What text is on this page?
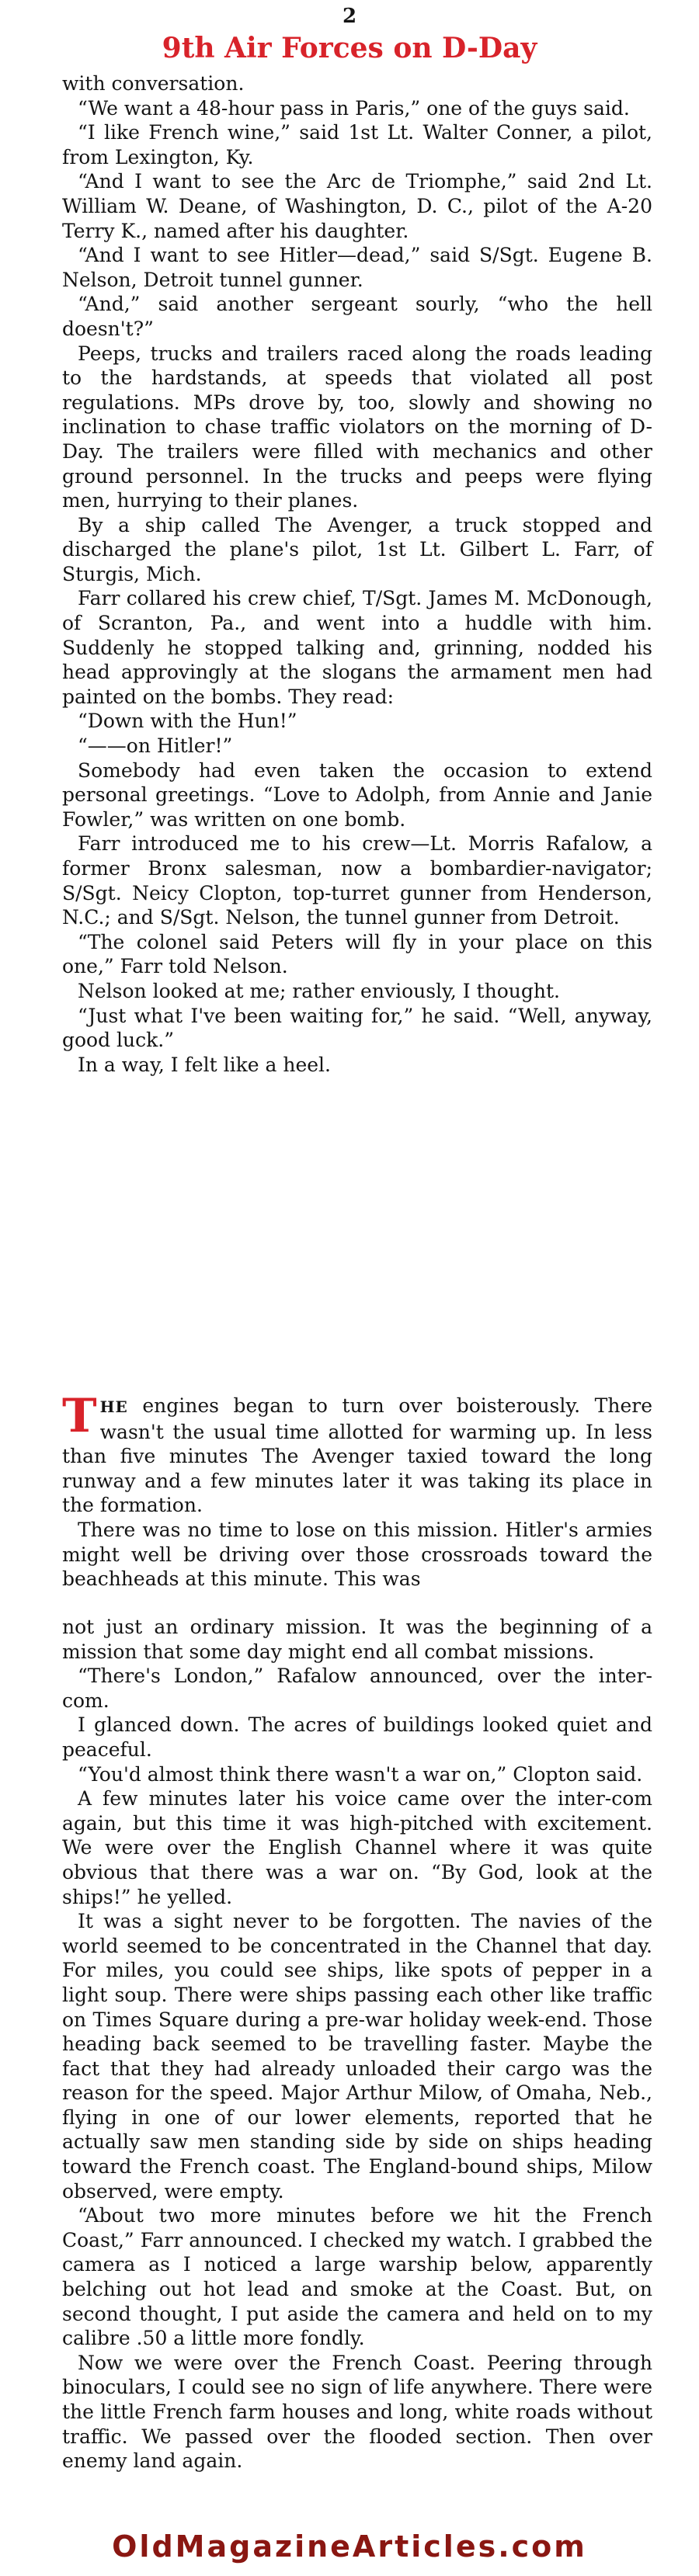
2
9th Air Forces on D-Day

with conversation.

“We want a 48-hour pass in Paris,” one of the guys said.

“I like French wine,” said 1st Lt. Walter Conner, a pilot, from Lexington, Ky.

“And I want to see the Arc de Triomphe,” said 2nd Lt. William W. Deane, of Washington, D. C., pilot of the A-20 Terry K., named after his daughter.

“And I want to see Hitler—dead,” said S/Sgt. Eugene B. Nelson, Detroit tunnel gunner.

“And,” said another sergeant sourly, “who the hell doesn't?”

Peeps, trucks and trailers raced along the roads leading to the hardstands, at speeds that violated all post regulations. MPs drove by, too, slowly and showing no inclination to chase traffic violators on the morning of D-Day. The trailers were filled with mechanics and other ground personnel. In the trucks and peeps were flying men, hurrying to their planes.

By a ship called The Avenger, a truck stopped and discharged the plane's pilot, 1st Lt. Gilbert L. Farr, of Sturgis, Mich.

Farr collared his crew chief, T/Sgt. James M. McDonough, of Scranton, Pa., and went into a huddle with him. Suddenly he stopped talking and, grinning, nodded his head approvingly at the slogans the armament men had painted on the bombs. They read:

“Down with the Hun!”

“——on Hitler!”

Somebody had even taken the occasion to extend personal greetings. “Love to Adolph, from Annie and Janie Fowler,” was written on one bomb.

Farr introduced me to his crew—Lt. Morris Rafalow, a former Bronx salesman, now a bombardier-navigator; S/Sgt. Neicy Clopton, top-turret gunner from Henderson, N.C.; and S/Sgt. Nelson, the tunnel gunner from Detroit.

“The colonel said Peters will fly in your place on this one,” Farr told Nelson.

Nelson looked at me; rather enviously, I thought.

“Just what I've been waiting for,” he said. “Well, anyway, good luck.”

In a way, I felt like a heel.

THE engines began to turn over boisterously. There wasn't the usual time allotted for warming up. In less than five minutes The Avenger taxied toward the long runway and a few minutes later it was taking its place in the formation.

There was no time to lose on this mission. Hitler's armies might well be driving over those crossroads toward the beachheads at this minute. This was

not just an ordinary mission. It was the beginning of a mission that some day might end all combat missions.

“There's London,” Rafalow announced, over the inter-com.

I glanced down. The acres of buildings looked quiet and peaceful.

“You'd almost think there wasn't a war on,” Clopton said.

A few minutes later his voice came over the inter-com again, but this time it was high-pitched with excitement. We were over the English Channel where it was quite obvious that there was a war on. “By God, look at the ships!” he yelled.

It was a sight never to be forgotten. The navies of the world seemed to be concentrated in the Channel that day. For miles, you could see ships, like spots of pepper in a light soup. There were ships passing each other like traffic on Times Square during a pre-war holiday week-end. Those heading back seemed to be travelling faster. Maybe the fact that they had already unloaded their cargo was the reason for the speed. Major Arthur Milow, of Omaha, Neb., flying in one of our lower elements, reported that he actually saw men standing side by side on ships heading toward the French coast. The England-bound ships, Milow observed, were empty.

“About two more minutes before we hit the French Coast,” Farr announced. I checked my watch. I grabbed the camera as I noticed a large warship below, apparently belching out hot lead and smoke at the Coast. But, on second thought, I put aside the camera and held on to my calibre .50 a little more fondly.

Now we were over the French Coast. Peering through binoculars, I could see no sign of life anywhere. There were the little French farm houses and long, white roads without traffic. We passed over the flooded section. Then over enemy land again.

OldMagazineArticles.com
